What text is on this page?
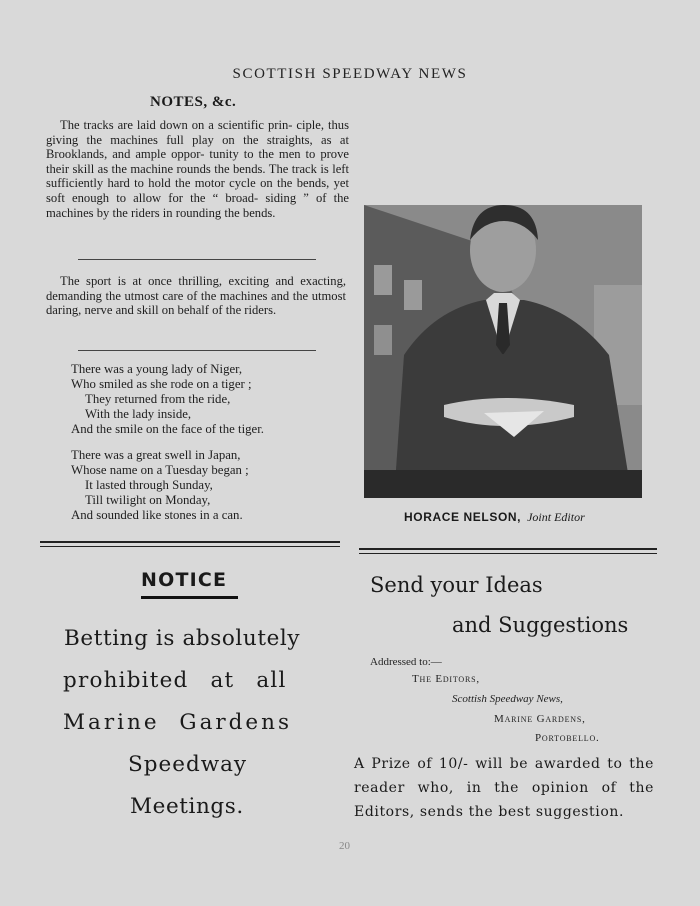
SCOTTISH SPEEDWAY NEWS
NOTES, &c.
The tracks are laid down on a scientific prin- ciple, thus giving the machines full play on the straights, as at Brooklands, and ample oppor- tunity to the men to prove their skill as the machine rounds the bends. The track is left sufficiently hard to hold the motor cycle on the bends, yet soft enough to allow for the “ broad- siding ” of the machines by the riders in rounding the bends.
The sport is at once thrilling, exciting and exacting, demanding the utmost care of the machines and the utmost daring, nerve and skill on behalf of the riders.
There was a young lady of Niger,
Who smiled as she rode on a tiger ;
They returned from the ride,
With the lady inside,
And the smile on the face of the tiger.
There was a great swell in Japan,
Whose name on a Tuesday began ;
It lasted through Sunday,
Till twilight on Monday,
And sounded like stones in a can.	HORACE NELSON, Joint Editor
NOTICE
Betting is absolutely
prohibited at all
Marine Gardens
Speedway
Meetings.
Send your Ideas
and Suggestions
Addressed to:—
The Editors,
Scottish Speedway News,
Marine Gardens,
Portobello.
A Prize of 10/- will be awarded to the reader who, in the opinion of the Editors, sends the best suggestion.
20
